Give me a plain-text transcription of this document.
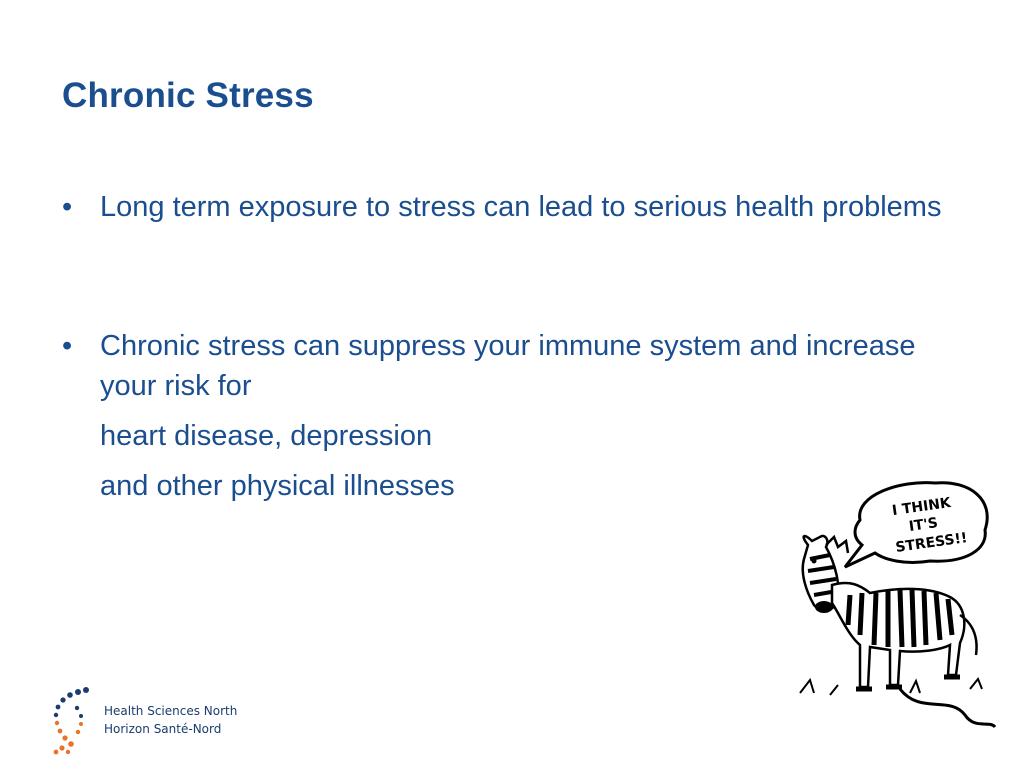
Chronic Stress
• Long term exposure to stress can lead to serious health problems
• Chronic stress can suppress your immune system and increase your risk for
heart disease, depression
and other physical illnesses
I THINK
IT'S
STRESS!!
Health Sciences North
Horizon Santé-Nord
